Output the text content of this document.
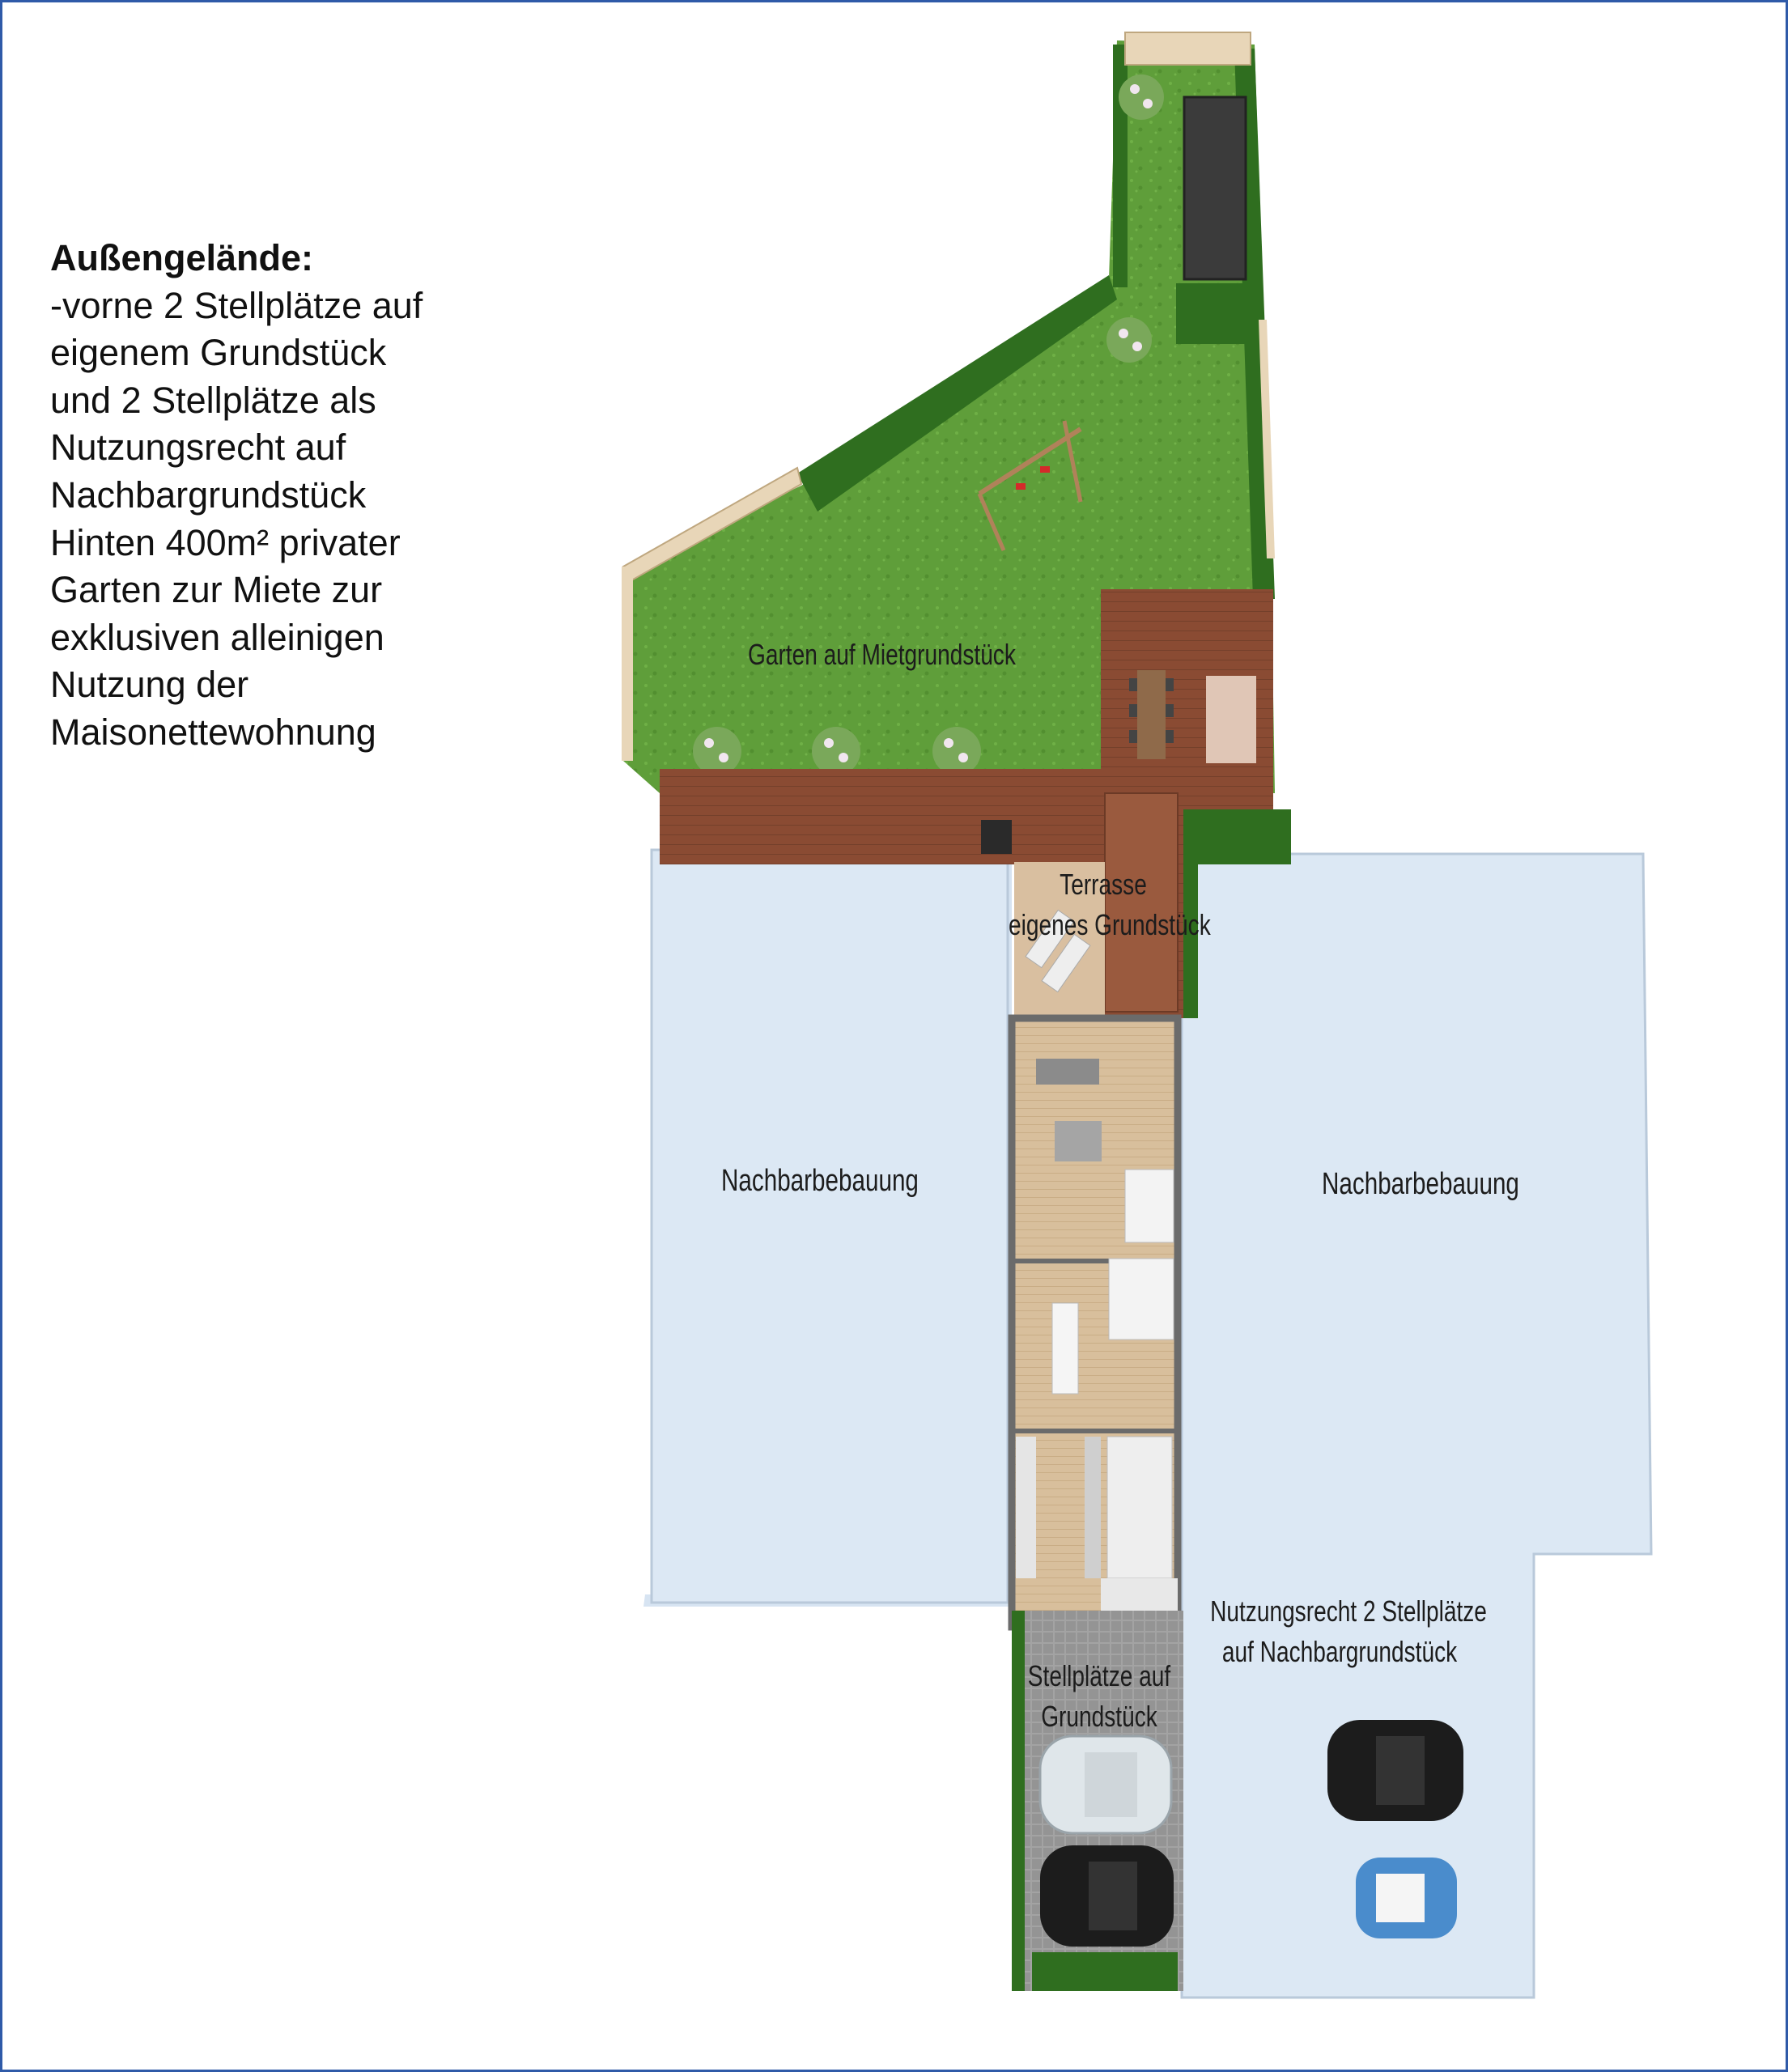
Außengelände:
-vorne 2 Stellplätze auf
eigenem Grundstück
und 2 Stellplätze als
Nutzungsrecht auf
Nachbargrundstück
Hinten 400m² privater
Garten zur Miete zur
exklusiven alleinigen
Nutzung der
Maisonettewohnung
Garten auf Mietgrundstück
Terrasse
eigenes Grundstück
Nachbarbebauung	Nachbarbebauung
Nutzungsrecht 2 Stellplätze
auf Nachbargrundstück
Stellplätze auf
Grundstück
